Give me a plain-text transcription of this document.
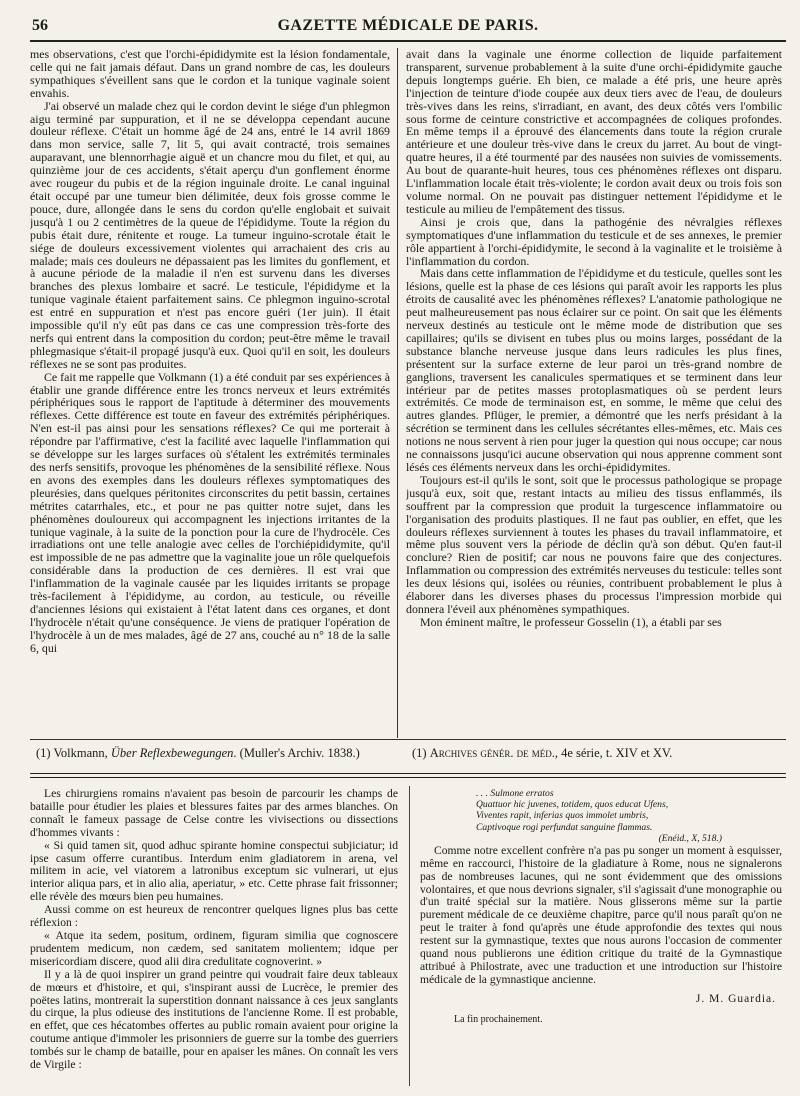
56	GAZETTE MÉDICALE DE PARIS.

mes observations, c'est que l'orchi-épididymite est la lésion fondamentale, celle qui ne fait jamais défaut. Dans un grand nombre de cas, les douleurs sympathiques s'éveillent sans que le cordon et la tunique vaginale soient envahis.

J'ai observé un malade chez qui le cordon devint le siége d'un phlegmon aigu terminé par suppuration, et il ne se développa cependant aucune douleur réflexe. C'était un homme âgé de 24 ans, entré le 14 avril 1869 dans mon service, salle 7, lit 5, qui avait contracté, trois semaines auparavant, une blennorrhagie aiguë et un chancre mou du filet, et qui, au quinzième jour de ces accidents, s'était aperçu d'un gonflement énorme avec rougeur du pubis et de la région inguinale droite. Le canal inguinal était occupé par une tumeur bien délimitée, deux fois grosse comme le pouce, dure, allongée dans le sens du cordon qu'elle englobait et suivait jusqu'à 1 ou 2 centimètres de la queue de l'épididyme. Toute la région du pubis était dure, rénitente et rouge. La tumeur inguino-scrotale était le siége de douleurs excessivement violentes qui arrachaient des cris au malade; mais ces douleurs ne dépassaient pas les limites du gonflement, et à aucune période de la maladie il n'en est survenu dans les diverses branches des plexus lombaire et sacré. Le testicule, l'épididyme et la tunique vaginale étaient parfaitement sains. Ce phlegmon inguino-scrotal est entré en suppuration et n'est pas encore guéri (1er juin). Il était impossible qu'il n'y eût pas dans ce cas une compression très-forte des nerfs qui entrent dans la composition du cordon; peut-être même le travail phlegmasique s'était-il propagé jusqu'à eux. Quoi qu'il en soit, les douleurs réflexes ne se sont pas produites.

Ce fait me rappelle que Volkmann (1) a été conduit par ses expériences à établir une grande différence entre les troncs nerveux et leurs extrémités périphériques sous le rapport de l'aptitude à déterminer des mouvements réflexes. Cette différence est toute en faveur des extrémités périphériques. N'en est-il pas ainsi pour les sensations réflexes? Ce qui me porterait à répondre par l'affirmative, c'est la facilité avec laquelle l'inflammation qui se développe sur les larges surfaces où s'étalent les extrémités terminales des nerfs sensitifs, provoque les phénomènes de la sensibilité réflexe. Nous en avons des exemples dans les douleurs réflexes symptomatiques des pleurésies, dans quelques péritonites circonscrites du petit bassin, certaines métrites catarrhales, etc., et pour ne pas quitter notre sujet, dans les phénomènes douloureux qui accompagnent les injections irritantes de la tunique vaginale, à la suite de la ponction pour la cure de l'hydrocèle. Ces irradiations ont une telle analogie avec celles de l'orchiépididymite, qu'il est impossible de ne pas admettre que la vaginalite joue un rôle quelquefois considérable dans la production de ces dernières. Il est vrai que l'inflammation de la vaginale causée par les liquides irritants se propage très-facilement à l'épididyme, au cordon, au testicule, ou réveille d'anciennes lésions qui existaient à l'état latent dans ces organes, et dont l'hydrocèle n'était qu'une conséquence. Je viens de pratiquer l'opération de l'hydrocèle à un de mes malades, âgé de 27 ans, couché au n° 18 de la salle 6, qui

avait dans la vaginale une énorme collection de liquide parfaitement transparent, survenue probablement à la suite d'une orchi-épididymite gauche depuis longtemps guérie. Eh bien, ce malade a été pris, une heure après l'injection de teinture d'iode coupée aux deux tiers avec de l'eau, de douleurs très-vives dans les reins, s'irradiant, en avant, des deux côtés vers l'ombilic sous forme de ceinture constrictive et accompagnées de coliques profondes. En même temps il a éprouvé des élancements dans toute la région crurale antérieure et une douleur très-vive dans le creux du jarret. Au bout de vingt-quatre heures, il a été tourmenté par des nausées non suivies de vomissements. Au bout de quarante-huit heures, tous ces phénomènes réflexes ont disparu. L'inflammation locale était très-violente; le cordon avait deux ou trois fois son volume normal. On ne pouvait pas distinguer nettement l'épididyme et le testicule au milieu de l'empâtement des tissus.

Ainsi je crois que, dans la pathogénie des névralgies réflexes symptomatiques d'une inflammation du testicule et de ses annexes, le premier rôle appartient à l'orchi-épididymite, le second à la vaginalite et le troisième à l'inflammation du cordon.

Mais dans cette inflammation de l'épididyme et du testicule, quelles sont les lésions, quelle est la phase de ces lésions qui paraît avoir les rapports les plus étroits de causalité avec les phénomènes réflexes? L'anatomie pathologique ne peut malheureusement pas nous éclairer sur ce point. On sait que les éléments nerveux destinés au testicule ont le même mode de distribution que ses capillaires; qu'ils se divisent en tubes plus ou moins larges, possédant de la substance blanche nerveuse jusque dans leurs radicules les plus fines, présentent sur la surface externe de leur paroi un très-grand nombre de ganglions, traversent les canalicules spermatiques et se terminent dans leur intérieur par de petites masses protoplasmatiques où se perdent leurs extrémités. Ce mode de terminaison est, en somme, le même que celui des autres glandes. Pflüger, le premier, a démontré que les nerfs présidant à la sécrétion se terminent dans les cellules sécrétantes elles-mêmes, etc. Mais ces notions ne nous servent à rien pour juger la question qui nous occupe; car nous ne connaissons jusqu'ici aucune observation qui nous apprenne comment sont lésés ces éléments nerveux dans les orchi-épididymites.

Toujours est-il qu'ils le sont, soit que le processus pathologique se propage jusqu'à eux, soit que, restant intacts au milieu des tissus enflammés, ils souffrent par la compression que produit la turgescence inflammatoire ou l'organisation des produits plastiques. Il ne faut pas oublier, en effet, que les douleurs réflexes surviennent à toutes les phases du travail inflammatoire, et même plus souvent vers la période de déclin qu'à son début. Qu'en faut-il conclure? Rien de positif; car nous ne pouvons faire que des conjectures. Inflammation ou compression des extrémités nerveuses du testicule: telles sont les deux lésions qui, isolées ou réunies, contribuent probablement le plus à élaborer dans les diverses phases du processus l'impression morbide qui donnera l'éveil aux phénomènes sympathiques.

Mon éminent maître, le professeur Gosselin (1), a établi par ses

(1) Volkmann, Über Reflexbewegungen. (Muller's Archiv. 1838.)	(1) Archives génér. de méd., 4e série, t. XIV et XV.

Les chirurgiens romains n'avaient pas besoin de parcourir les champs de bataille pour étudier les plaies et blessures faites par des armes blanches. On connaît le fameux passage de Celse contre les vivisections ou dissections d'hommes vivants :

« Si quid tamen sit, quod adhuc spirante homine conspectui subjiciatur; id ipse casum offerre curantibus. Interdum enim gladiatorem in arena, vel militem in acie, vel viatorem a latronibus exceptum sic vulnerari, ut ejus interior aliqua pars, et in alio alia, aperiatur, » etc. Cette phrase fait frissonner; elle révèle des mœurs bien peu humaines.

Aussi comme on est heureux de rencontrer quelques lignes plus bas cette réflexion :

« Atque ita sedem, positum, ordinem, figuram similia que cognoscere prudentem medicum, non cædem, sed sanitatem molientem; idque per misericordiam discere, quod alii dira credulitate cognoverint. »

Il y a là de quoi inspirer un grand peintre qui voudrait faire deux tableaux de mœurs et d'histoire, et qui, s'inspirant aussi de Lucrèce, le premier des poëtes latins, montrerait la superstition donnant naissance à ces jeux sanglants du cirque, la plus odieuse des institutions de l'ancienne Rome. Il est probable, en effet, que ces hécatombes offertes au public romain avaient pour origine la coutume antique d'immoler les prisonniers de guerre sur la tombe des guerriers tombés sur le champ de bataille, pour en apaiser les mânes. On connaît les vers de Virgile :

. . . Sulmone erratos
Quattuor hic juvenes, totidem, quos educat Ufens,
Viventes rapit, inferias quos immolet umbris,
Captivoque rogi perfundat sanguine flammas.
(Enéid., X, 518.)

Comme notre excellent confrère n'a pas pu songer un moment à esquisser, même en raccourci, l'histoire de la gladiature à Rome, nous ne signalerons pas de nombreuses lacunes, qui ne sont évidemment que des omissions volontaires, et que nous devrions signaler, s'il s'agissait d'une monographie ou d'un traité spécial sur la matière. Nous glisserons même sur la partie purement médicale de ce deuxième chapitre, parce qu'il nous paraît qu'on ne peut le traiter à fond qu'après une étude approfondie des textes qui nous restent sur la gymnastique, textes que nous aurons l'occasion de commenter quand nous publierons une édition critique du traité de la Gymnastique attribué à Philostrate, avec une traduction et une introduction sur l'histoire médicale de la gymnastique ancienne.

J. M. Guardia.
La fin prochainement.
